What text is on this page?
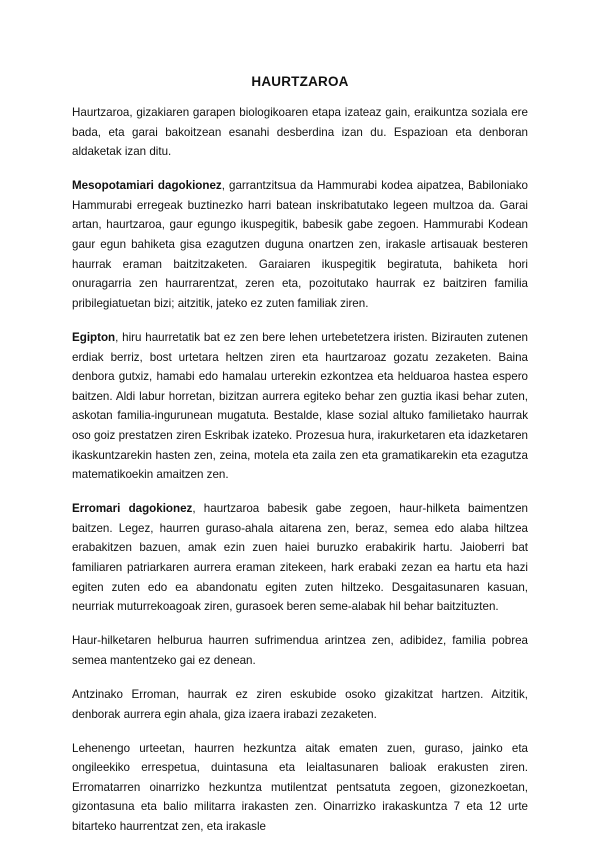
HAURTZAROA

Haurtzaroa, gizakiaren garapen biologikoaren etapa izateaz gain, eraikuntza soziala ere bada, eta garai bakoitzean esanahi desberdina izan du. Espazioan eta denboran aldaketak izan ditu.

Mesopotamiari dagokionez, garrantzitsua da Hammurabi kodea aipatzea, Babiloniako Hammurabi erregeak buztinezko harri batean inskribatutako legeen multzoa da. Garai artan, haurtzaroa, gaur egungo ikuspegitik, babesik gabe zegoen. Hammurabi Kodean gaur egun bahiketa gisa ezagutzen duguna onartzen zen, irakasle artisauak besteren haurrak eraman baitzitzaketen. Garaiaren ikuspegitik begiratuta, bahiketa hori onuragarria zen haurrarentzat, zeren eta, pozoitutako haurrak ez baitziren familia pribilegiatuetan bizi; aitzitik, jateko ez zuten familiak ziren.

Egipton, hiru haurretatik bat ez zen bere lehen urtebetetzera iristen. Bizirauten zutenen erdiak berriz, bost urtetara heltzen ziren eta haurtzaroaz gozatu zezaketen. Baina denbora gutxiz, hamabi edo hamalau urterekin ezkontzea eta helduaroa hastea espero baitzen. Aldi labur horretan, bizitzan aurrera egiteko behar zen guztia ikasi behar zuten, askotan familia-ingurunean mugatuta. Bestalde, klase sozial altuko familietako haurrak oso goiz prestatzen ziren Eskribak izateko. Prozesua hura, irakurketaren eta idazketaren ikaskuntzarekin hasten zen, zeina, motela eta zaila zen eta gramatikarekin eta ezagutza matematikoekin amaitzen zen.

Erromari dagokionez, haurtzaroa babesik gabe zegoen, haur-hilketa baimentzen baitzen. Legez, haurren guraso-ahala aitarena zen, beraz, semea edo alaba hiltzea erabakitzen bazuen, amak ezin zuen haiei buruzko erabakirik hartu. Jaioberri bat familiaren patriarkaren aurrera eraman zitekeen, hark erabaki zezan ea hartu eta hazi egiten zuten edo ea abandonatu egiten zuten hiltzeko. Desgaitasunaren kasuan, neurriak muturrekoagoak ziren, gurasoek beren seme-alabak hil behar baitzituzten.

Haur-hilketaren helburua haurren sufrimendua arintzea zen, adibidez, familia pobrea semea mantentzeko gai ez denean.

Antzinako Erroman, haurrak ez ziren eskubide osoko gizakitzat hartzen. Aitzitik, denborak aurrera egin ahala, giza izaera irabazi zezaketen.

Lehenengo urteetan, haurren hezkuntza aitak ematen zuen, guraso, jainko eta ongileekiko errespetua, duintasuna eta leialtasunaren balioak erakusten ziren. Erromatarren oinarrizko hezkuntza mutilentzat pentsatuta zegoen, gizonezkoetan, gizontasuna eta balio militarra irakasten zen. Oinarrizko irakaskuntza 7 eta 12 urte bitarteko haurrentzat zen, eta irakasle
